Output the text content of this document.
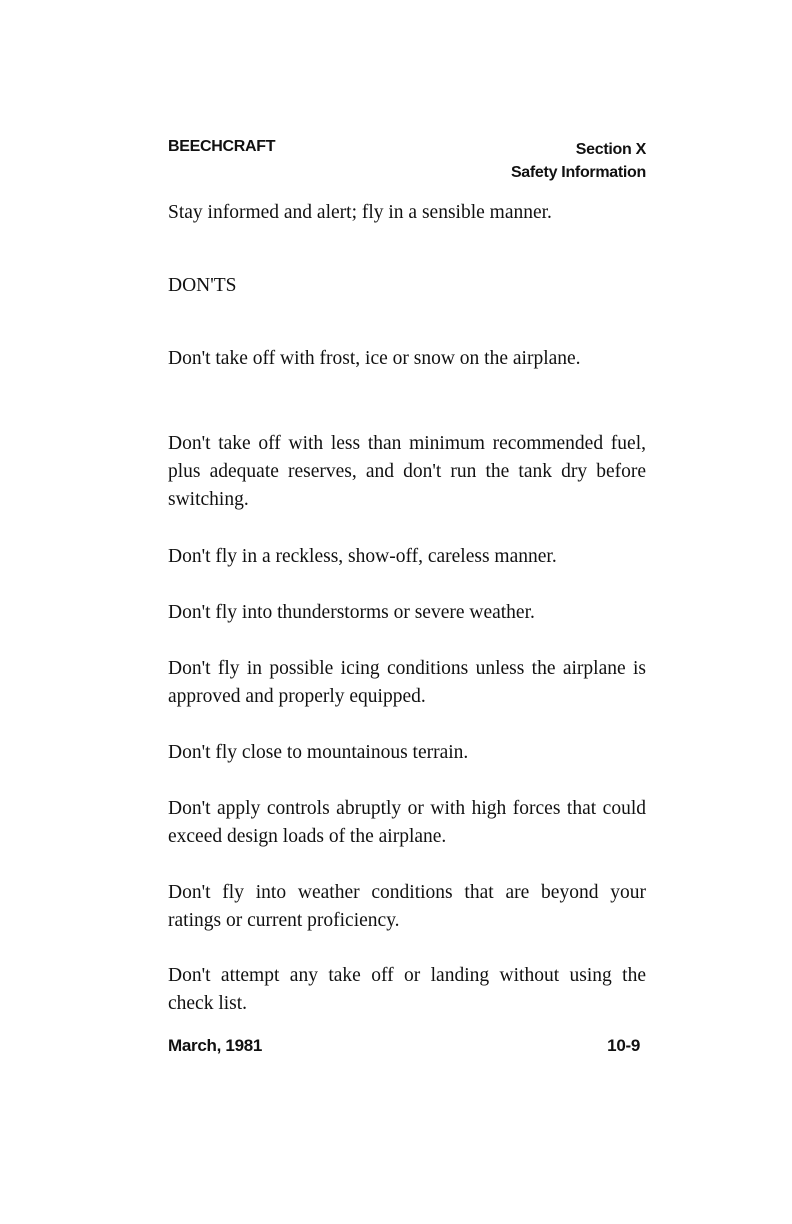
BEECHCRAFT	Section X
Safety Information
Stay informed and alert; fly in a sensible manner.
DON'TS
Don't take off with frost, ice or snow on the airplane.
Don't take off with less than minimum recommended fuel, plus adequate reserves, and don't run the tank dry before switching.
Don't fly in a reckless, show-off, careless manner.
Don't fly into thunderstorms or severe weather.
Don't fly in possible icing conditions unless the airplane is approved and properly equipped.
Don't fly close to mountainous terrain.
Don't apply controls abruptly or with high forces that could exceed design loads of the airplane.
Don't fly into weather conditions that are beyond your ratings or current proficiency.
Don't attempt any take off or landing without using the check list.
March, 1981	10-9
